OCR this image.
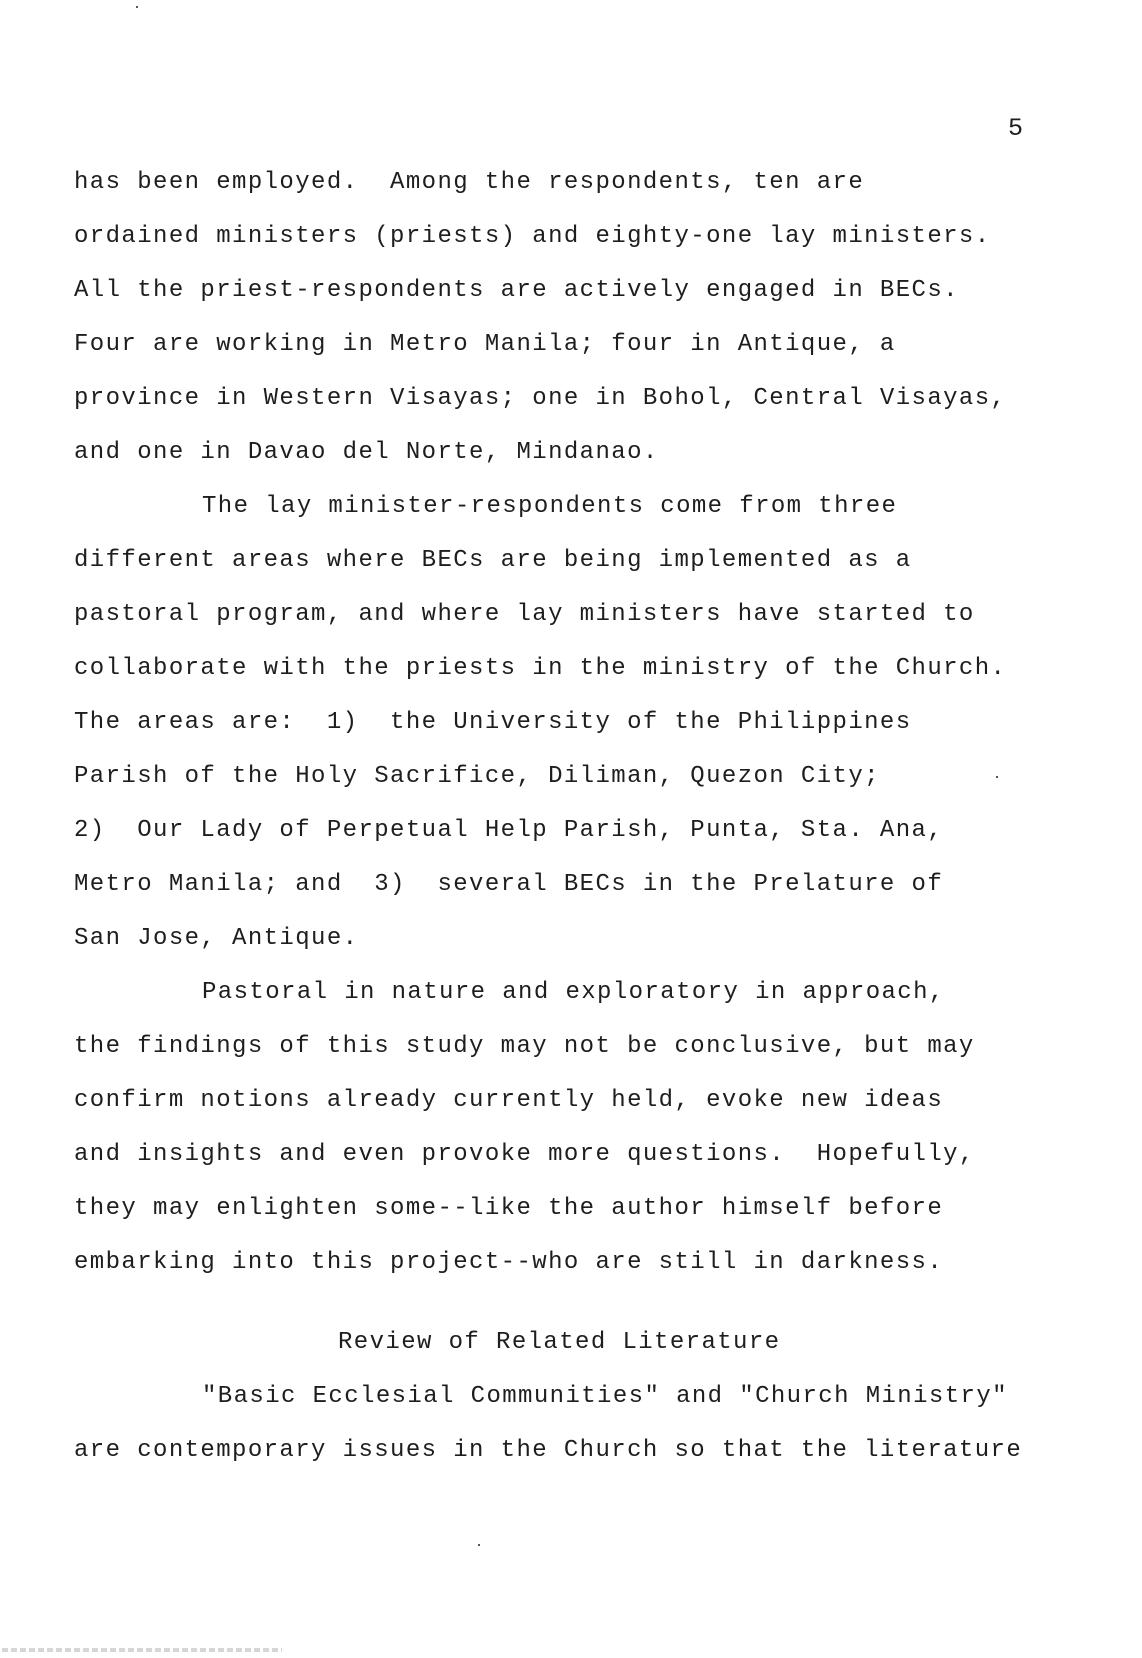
5
has been employed.  Among the respondents, ten are
ordained ministers (priests) and eighty-one lay ministers.
All the priest-respondents are actively engaged in BECs.
Four are working in Metro Manila; four in Antique, a
province in Western Visayas; one in Bohol, Central Visayas,
and one in Davao del Norte, Mindanao.
The lay minister-respondents come from three
different areas where BECs are being implemented as a
pastoral program, and where lay ministers have started to
collaborate with the priests in the ministry of the Church.
The areas are:  1)  the University of the Philippines
Parish of the Holy Sacrifice, Diliman, Quezon City;
2)  Our Lady of Perpetual Help Parish, Punta, Sta. Ana,
Metro Manila; and  3)  several BECs in the Prelature of
San Jose, Antique.
Pastoral in nature and exploratory in approach,
the findings of this study may not be conclusive, but may
confirm notions already currently held, evoke new ideas
and insights and even provoke more questions.  Hopefully,
they may enlighten some--like the author himself before
embarking into this project--who are still in darkness.
Review of Related Literature
"Basic Ecclesial Communities" and "Church Ministry"
are contemporary issues in the Church so that the literature
